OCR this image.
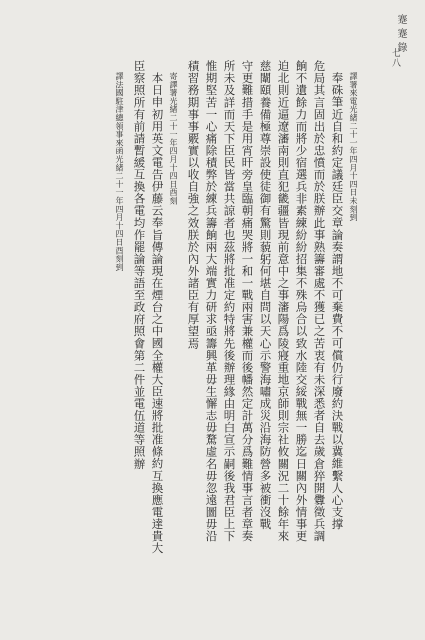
蹇蹇錄
七八
譯署來電光緒二十一年四月十四日未刻到
奉硃筆近自和約定議廷臣交章論奏謂地不可棄費不可償仍行廢約決戰以冀維繫人心支撑
危局其言固出於忠憤而於朕辦此事熟籌審處不獲已之苦衷有未深悉者自去歲倉猝開釁徵兵調
餉不遺餘力而將少宿選兵非素練紛紛招集不殊烏合以致水陸交綏戰無一勝迄日關內外情事更
迫北則近逼遼瀋南則直犯畿疆皆現前意中之事瀋陽爲陵寢重地京師則宗社攸關況二十餘年來
慈闈頤養備極尊崇設使徒御有驚則藐躬何堪自問以天心示警海嘯成災沿海防營多被衝沒戰
守更難措手是用宵旰旁皇臨朝痛哭將一和一戰兩害兼權而後幡然定計萬分爲難情事言者章奏
所未及詳而天下臣民皆當共諒者也茲將批准定約特將先後辦理緣由明白宣示嗣後我君臣上下
惟期堅苦一心痛除積弊於練兵籌餉兩大端實力研求亟籌興革毋生懈志毋騖虛名毋忽遠圖毋沿
積習務期事事覈實以收自強之效朕於內外諸臣有厚望焉
寄譯署光緒二十一年四月十四日酉刻
本日申初用英文電告伊藤云奉旨傳論現在煙台之中國全權大臣速將批准條約互換應電達貴大
臣察照所有前請暫緩互換各電均作罷論等語至政府照會第二件並電伍道等照辦
譯法國駐津總領事來函光緒二十一年四月十四日酉刻到
